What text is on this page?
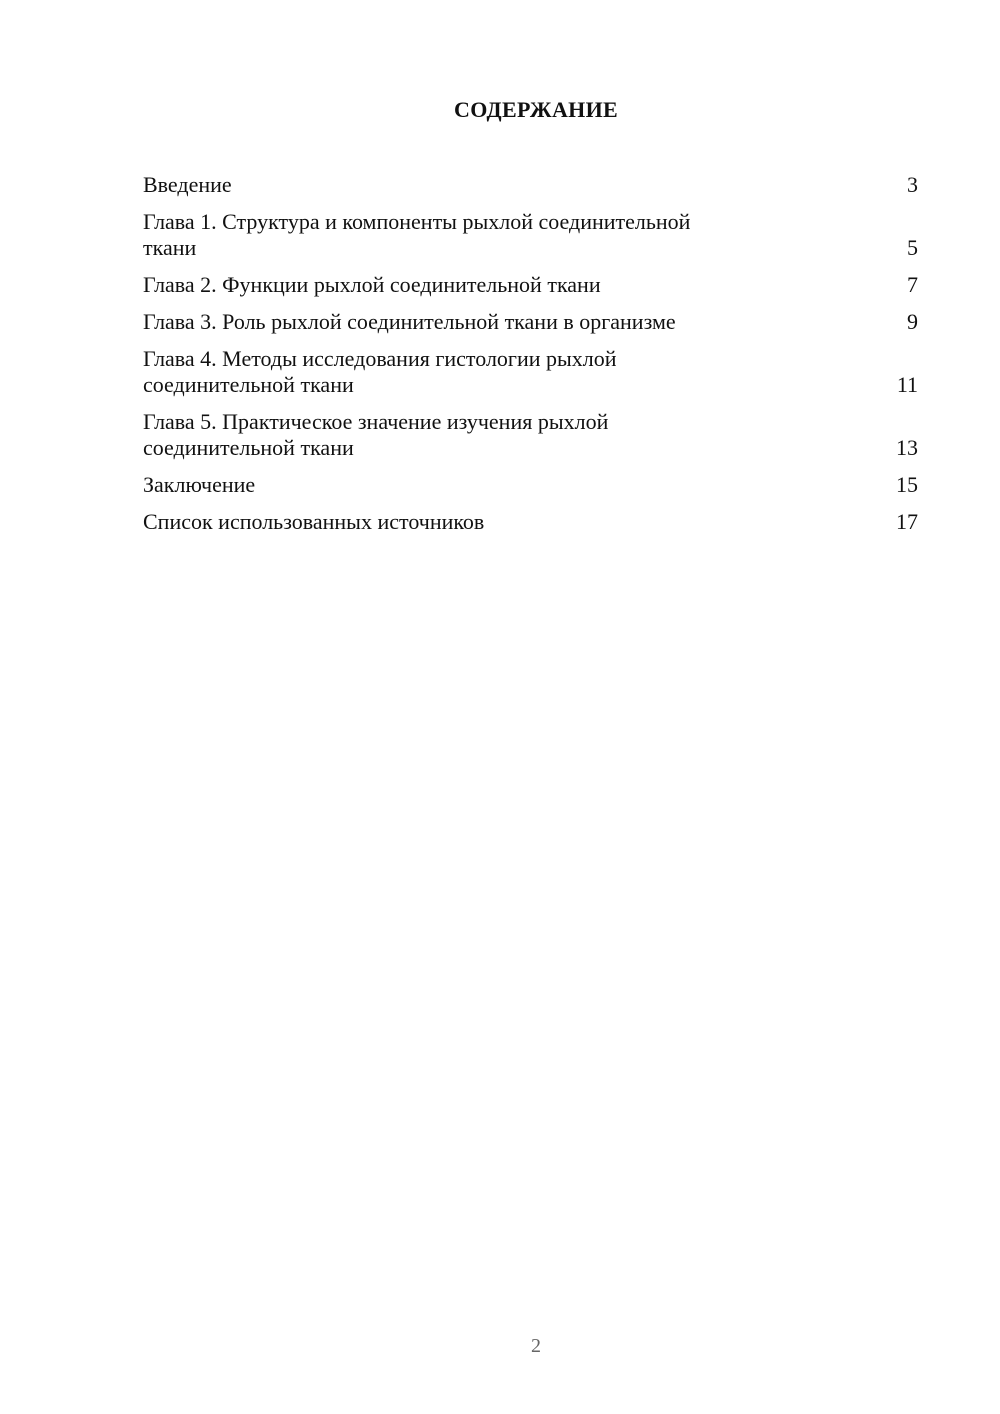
СОДЕРЖАНИЕ
Введение	3
Глава 1. Структура и компоненты рыхлой соединительной
ткани	5
Глава 2. Функции рыхлой соединительной ткани	7
Глава 3. Роль рыхлой соединительной ткани в организме	9
Глава 4. Методы исследования гистологии рыхлой
соединительной ткани	11
Глава 5. Практическое значение изучения рыхлой
соединительной ткани	13
Заключение	15
Список использованных источников	17
2
